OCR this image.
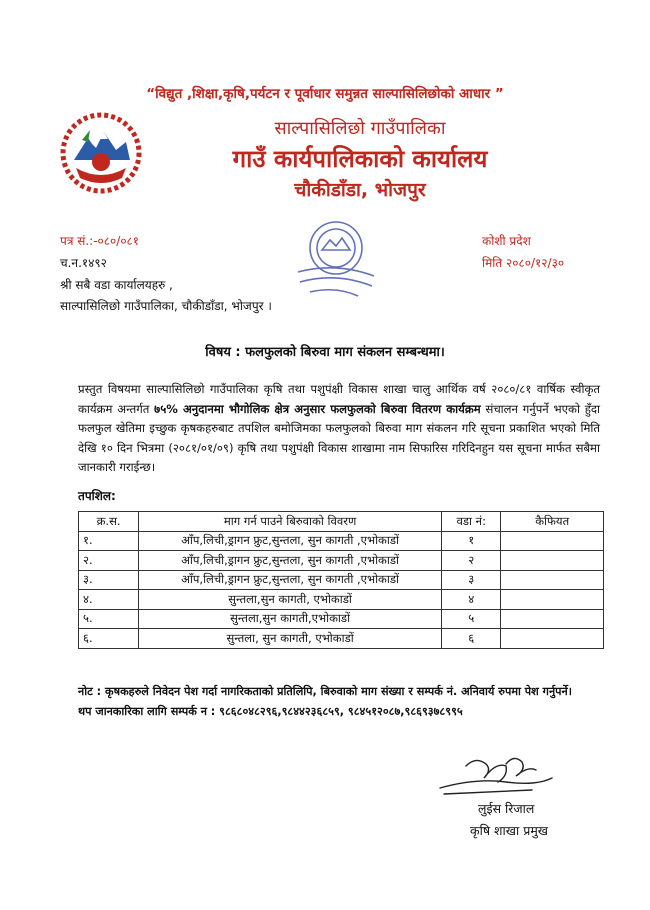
“विद्युत ,शिक्षा,कृषि,पर्यटन र पूर्वाधार समुन्नत साल्पासिलिछोको आधार ”
साल्पासिलिछो गाउँपालिका
गाउँ कार्यपालिकाको कार्यालय
चौकीडाँडा, भोजपुर
पत्र सं.:-०८०/०८१
च.न.१४९२
कोशी प्रदेश
मिति २०८०/१२/३०
श्री सबै वडा कार्यालयहरु ,
साल्पासिलिछो गाउँपालिका, चौकीडाँडा, भोजपुर ।
विषय : फलफुलको बिरुवा माग संकलन सम्बन्धमा।
प्रस्तुत विषयमा साल्पासिलिछो गाउँपालिका कृषि तथा पशुपंक्षी विकास शाखा चालु आर्थिक वर्ष २०८०/८१ वार्षिक स्वीकृत कार्यक्रम अन्तर्गत ७५% अनुदानमा भौगोलिक क्षेत्र अनुसार फलफुलको बिरुवा वितरण कार्यक्रम संचालन गर्नुपर्ने भएको हुँदा फलफुल खेतिमा इच्छुक कृषकहरुबाट तपशिल बमोजिमका फलफुलको बिरुवा माग संकलन गरि सूचना प्रकाशित भएको मिति देखि १० दिन भित्रमा (२०८१/०१/०९) कृषि तथा पशुपंक्षी विकास शाखामा नाम सिफारिस गरिदिनहुन यस सूचना मार्फत सबैमा जानकारी गराईन्छ।
तपशिल:
क्र.स.	माग गर्न पाउने बिरुवाको विवरण	वडा नं:	कैफियत
१.	आँप,लिची,ड्रागन फ्रुट,सुन्तला, सुन कागती ,एभोकाडों	१	
२.	आँप,लिची,ड्रागन फ्रुट,सुन्तला, सुन कागती ,एभोकाडों	२	
३.	आँप,लिची,ड्रागन फ्रुट,सुन्तला, सुन कागती ,एभोकाडों	३	
४.	सुन्तला,सुन कागती, एभोकाडों	४	
५.	सुन्तला,सुन कागती,एभोकाडों	५	
६.	सुन्तला, सुन कागती, एभोकाडों	६	
नोट : कृषकहरुले निवेदन पेश गर्दा नागरिकताको प्रतिलिपि, बिरुवाको माग संख्या र सम्पर्क नं. अनिवार्य रुपमा पेश गर्नुपर्ने।
थप जानकारिका लागि सम्पर्क न : ९८६८०४८२९६,९८४४२३६८५९, ९८४५१२०८७,९८६९३७८९९५
लुईस रिजाल
कृषि शाखा प्रमुख
